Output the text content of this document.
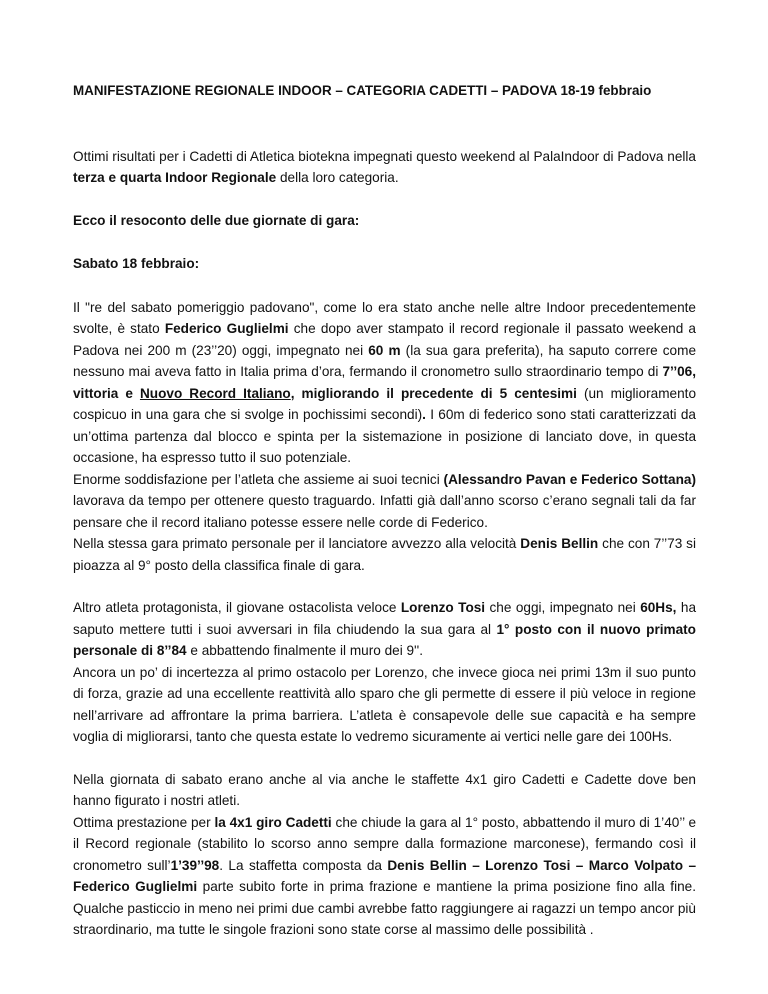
MANIFESTAZIONE REGIONALE INDOOR – CATEGORIA CADETTI – PADOVA 18-19 febbraio

Ottimi risultati per i Cadetti di Atletica biotekna impegnati questo weekend al PalaIndoor di Padova nella terza e quarta Indoor Regionale della loro categoria.

Ecco il resoconto delle due giornate di gara:

Sabato 18 febbraio:

Il "re del sabato pomeriggio padovano", come lo era stato anche nelle altre Indoor precedentemente svolte, è stato Federico Guglielmi che dopo aver stampato il record regionale il passato weekend a Padova nei 200 m (23’’20) oggi, impegnato nei 60 m (la sua gara preferita), ha saputo correre come nessuno mai aveva fatto in Italia prima d’ora, fermando il cronometro sullo straordinario tempo di 7’’06, vittoria e Nuovo Record Italiano, migliorando il precedente di 5 centesimi (un miglioramento cospicuo in una gara che si svolge in pochissimi secondi). I 60m di federico sono stati caratterizzati da un’ottima partenza dal blocco e spinta per la sistemazione in posizione di lanciato dove, in questa occasione, ha espresso tutto il suo potenziale.

Enorme soddisfazione per l’atleta che assieme ai suoi tecnici (Alessandro Pavan e Federico Sottana) lavorava da tempo per ottenere questo traguardo. Infatti già dall’anno scorso c’erano segnali tali da far pensare che il record italiano potesse essere nelle corde di Federico.

Nella stessa gara primato personale per il lanciatore avvezzo alla velocità Denis Bellin che con 7’’73 si pioazza al 9° posto della classifica finale di gara.

Altro atleta protagonista, il giovane ostacolista veloce Lorenzo Tosi che oggi, impegnato nei 60Hs, ha saputo mettere tutti i suoi avversari in fila chiudendo la sua gara al 1° posto con il nuovo primato personale di 8’’84 e abbattendo finalmente il muro dei 9''.

Ancora un po’ di incertezza al primo ostacolo per Lorenzo, che invece gioca nei primi 13m il suo punto di forza, grazie ad una eccellente reattività allo sparo che gli permette di essere il più veloce in regione nell’arrivare ad affrontare la prima barriera. L’atleta è consapevole delle sue capacità e ha sempre voglia di migliorarsi, tanto che questa estate lo vedremo sicuramente ai vertici nelle gare dei 100Hs.

Nella giornata di sabato erano anche al via anche le staffette 4x1 giro Cadetti e Cadette dove ben hanno figurato i nostri atleti.

Ottima prestazione per la 4x1 giro Cadetti che chiude la gara al 1° posto, abbattendo il muro di 1’40’’ e il Record regionale (stabilito lo scorso anno sempre dalla formazione marconese), fermando così il cronometro sull’1’39’’98. La staffetta composta da Denis Bellin – Lorenzo Tosi – Marco Volpato – Federico Guglielmi parte subito forte in prima frazione e mantiene la prima posizione fino alla fine. Qualche pasticcio in meno nei primi due cambi avrebbe fatto raggiungere ai ragazzi un tempo ancor più straordinario, ma tutte le singole frazioni sono state corse al massimo delle possibilità .
